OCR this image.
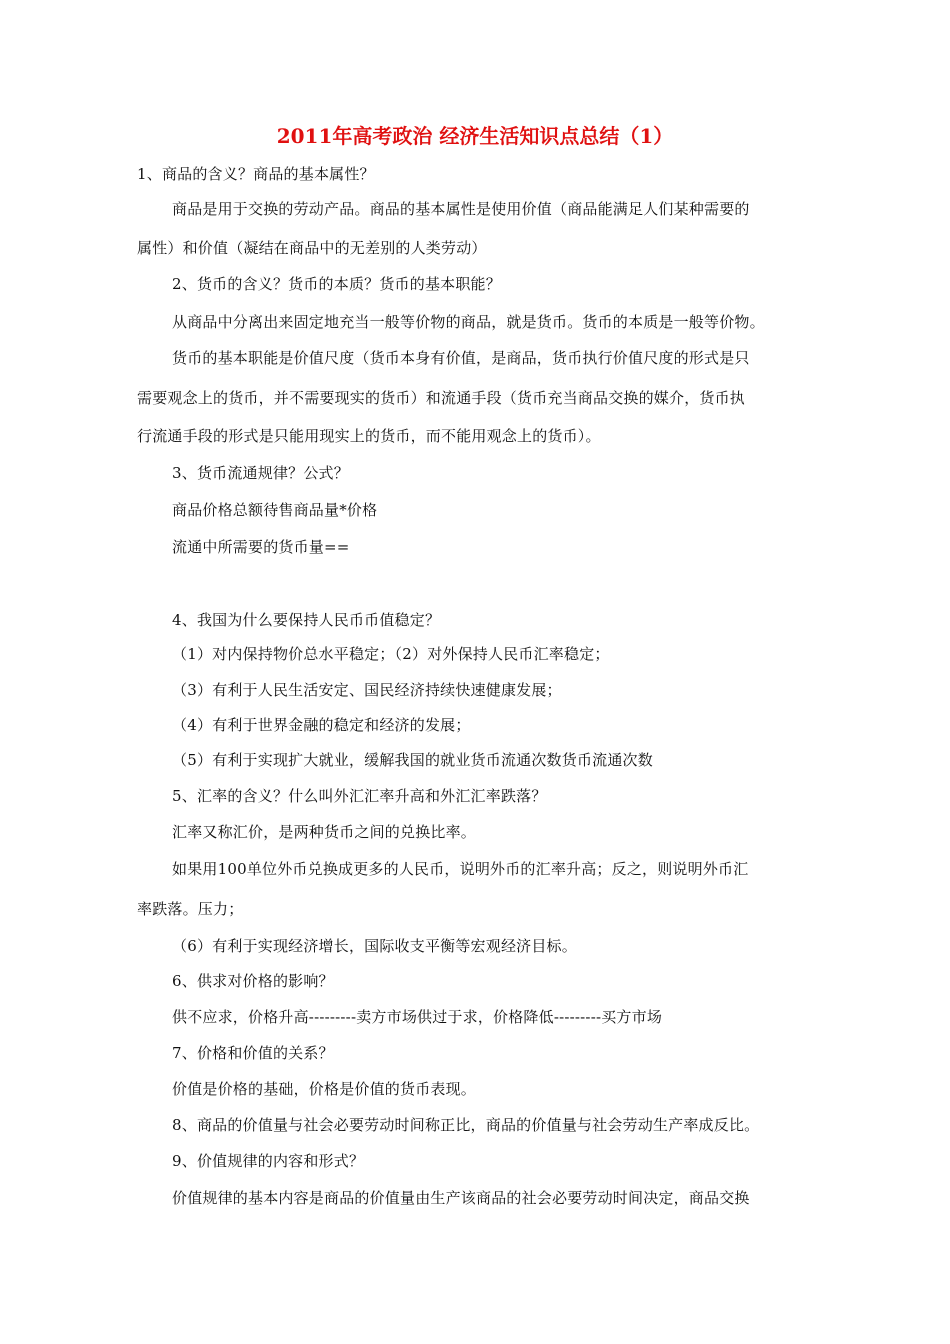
2011年高考政治 经济生活知识点总结（1）
1、商品的含义？商品的基本属性？
商品是用于交换的劳动产品。商品的基本属性是使用价值（商品能满足人们某种需要的
属性）和价值（凝结在商品中的无差别的人类劳动）
2、货币的含义？货币的本质？货币的基本职能？
从商品中分离出来固定地充当一般等价物的商品，就是货币。货币的本质是一般等价物。
货币的基本职能是价值尺度（货币本身有价值，是商品，货币执行价值尺度的形式是只
需要观念上的货币，并不需要现实的货币）和流通手段（货币充当商品交换的媒介，货币执
行流通手段的形式是只能用现实上的货币，而不能用观念上的货币）。
3、货币流通规律？公式？
商品价格总额待售商品量*价格
流通中所需要的货币量==
4、我国为什么要保持人民币币值稳定？
（1）对内保持物价总水平稳定；（2）对外保持人民币汇率稳定；
（3）有利于人民生活安定、国民经济持续快速健康发展；
（4）有利于世界金融的稳定和经济的发展；
（5）有利于实现扩大就业，缓解我国的就业货币流通次数货币流通次数
5、汇率的含义？什么叫外汇汇率升高和外汇汇率跌落？
汇率又称汇价，是两种货币之间的兑换比率。
如果用100单位外币兑换成更多的人民币，说明外币的汇率升高；反之，则说明外币汇
率跌落。压力；
（6）有利于实现经济增长，国际收支平衡等宏观经济目标。
6、供求对价格的影响？
供不应求，价格升高---------卖方市场供过于求，价格降低---------买方市场
7、价格和价值的关系？
价值是价格的基础，价格是价值的货币表现。
8、商品的价值量与社会必要劳动时间称正比，商品的价值量与社会劳动生产率成反比。
9、价值规律的内容和形式？
价值规律的基本内容是商品的价值量由生产该商品的社会必要劳动时间决定，商品交换
